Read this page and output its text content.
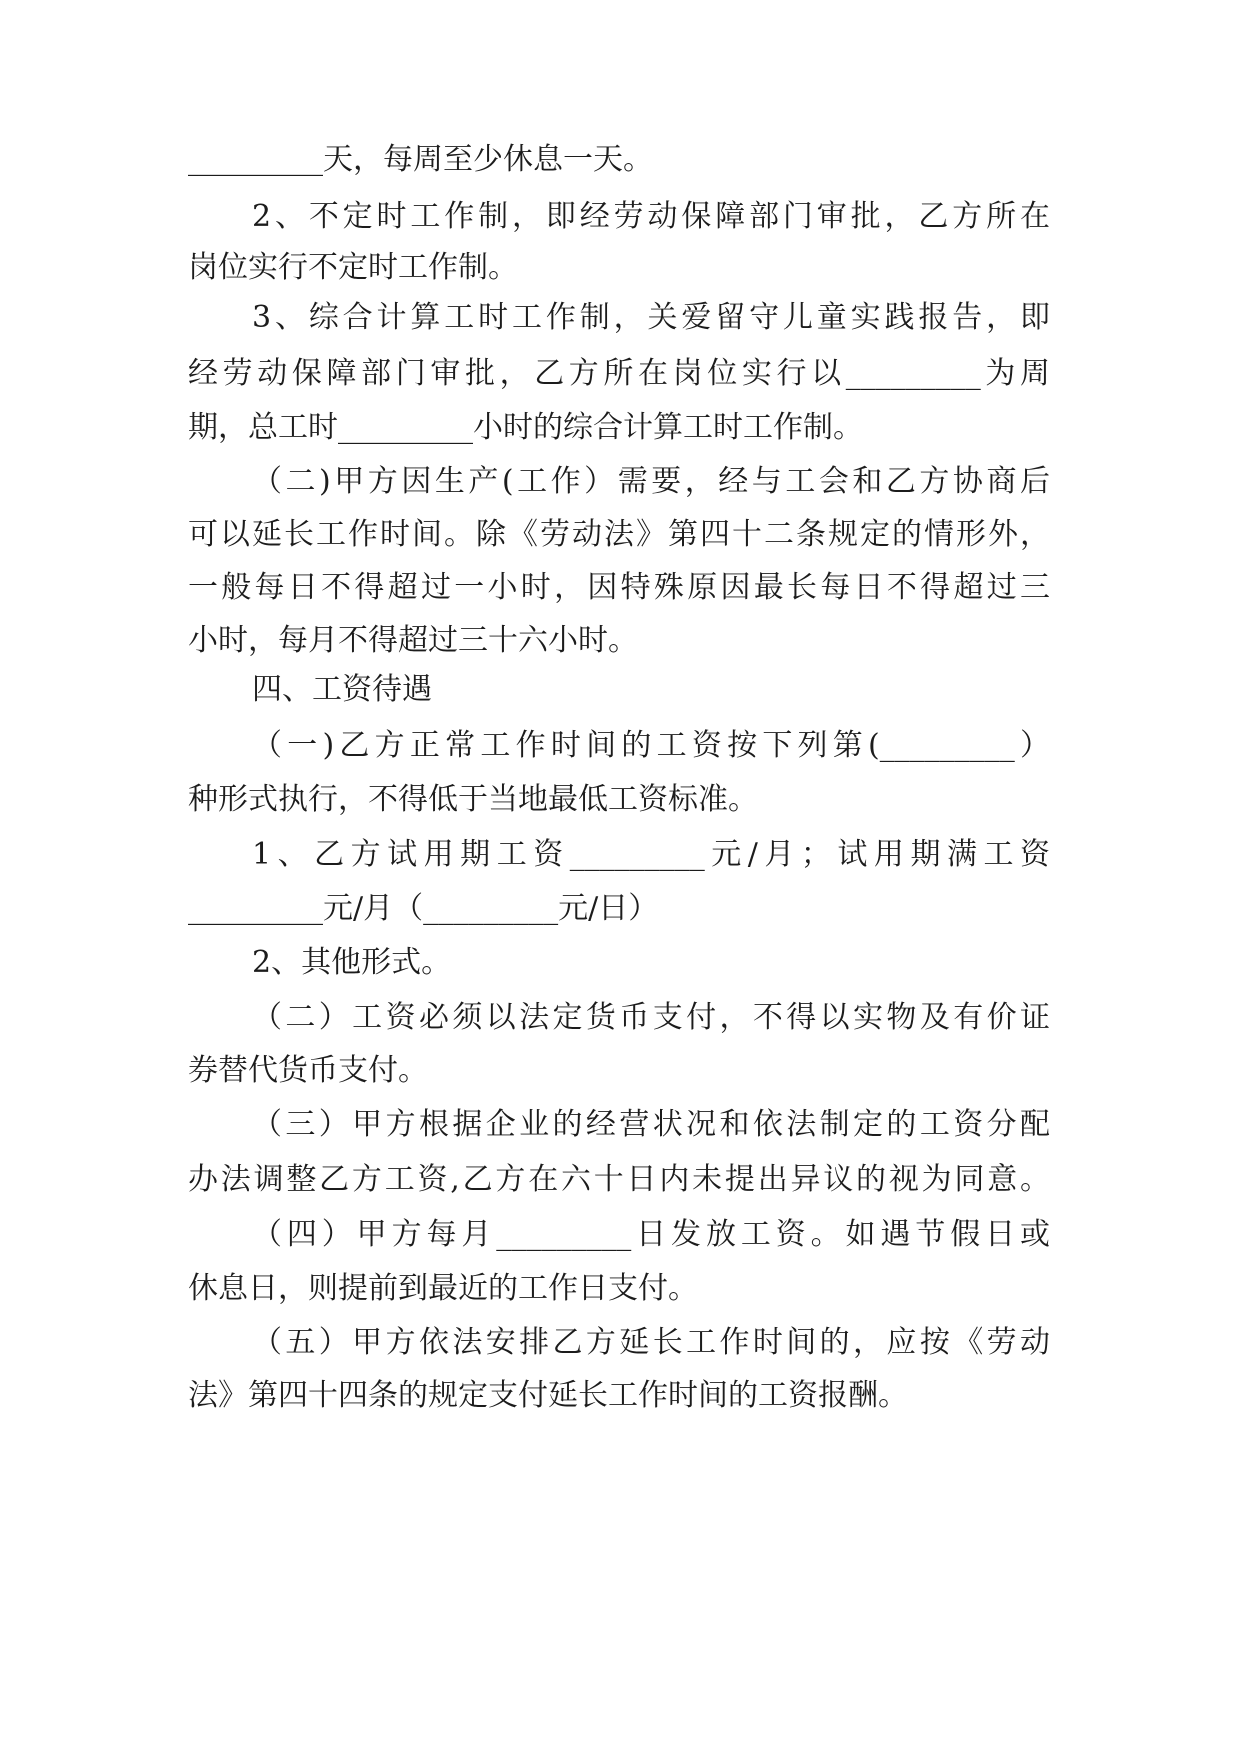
_________天，每周至少休息一天。
2、不定时工作制，即经劳动保障部门审批，乙方所在
岗位实行不定时工作制。
3、综合计算工时工作制，关爱留守儿童实践报告，即
经劳动保障部门审批，乙方所在岗位实行以_________为周
期，总工时_________小时的综合计算工时工作制。
（二)甲方因生产(工作）需要，经与工会和乙方协商后
可以延长工作时间。除《劳动法》第四十二条规定的情形外，
一般每日不得超过一小时，因特殊原因最长每日不得超过三
小时，每月不得超过三十六小时。
四、工资待遇
（一)乙方正常工作时间的工资按下列第(_________）
种形式执行，不得低于当地最低工资标准。
1、乙方试用期工资_________元/月；试用期满工资
_________元/月（_________元/日）
2、其他形式。
（二）工资必须以法定货币支付，不得以实物及有价证
券替代货币支付。
（三）甲方根据企业的经营状况和依法制定的工资分配
办法调整乙方工资,乙方在六十日内未提出异议的视为同意。
（四）甲方每月_________日发放工资。如遇节假日或
休息日，则提前到最近的工作日支付。
（五）甲方依法安排乙方延长工作时间的，应按《劳动
法》第四十四条的规定支付延长工作时间的工资报酬。
